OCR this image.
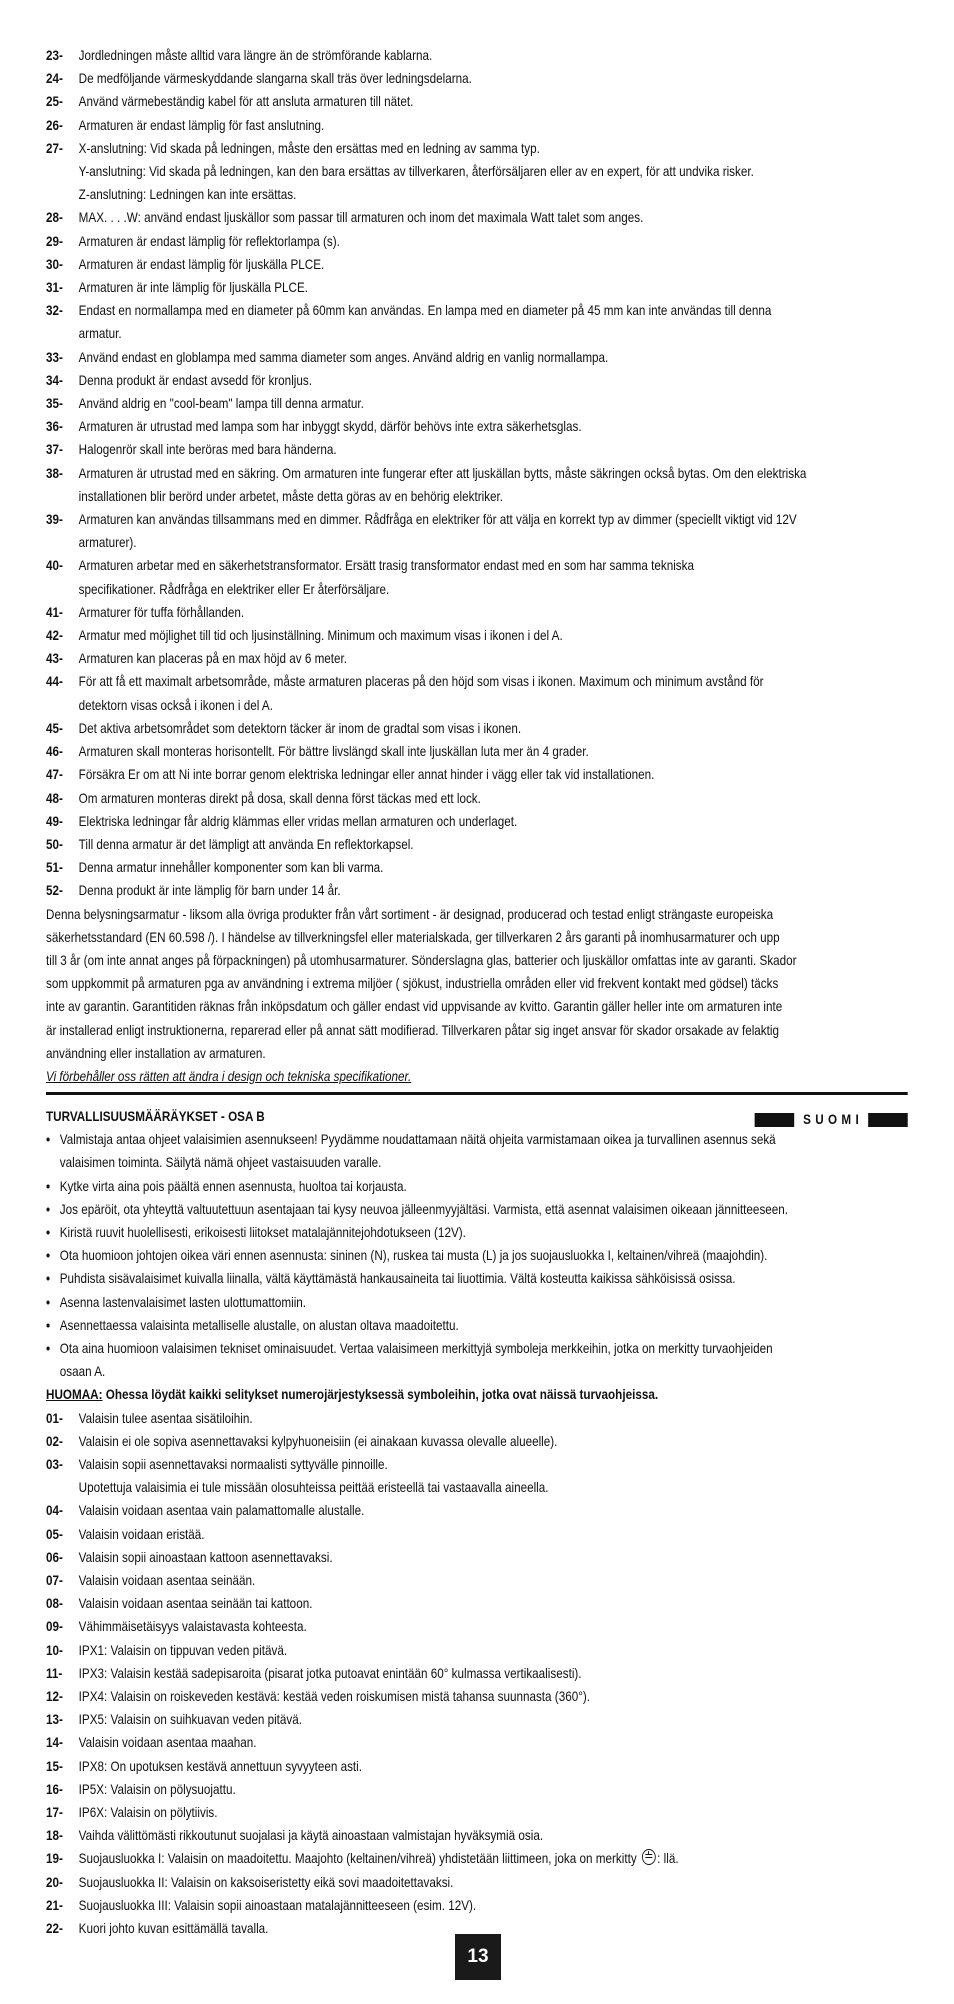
23- Jordledningen måste alltid vara längre än de strömförande kablarna.
24- De medföljande värmeskyddande slangarna skall träs över ledningsdelarna.
25- Använd värmebeständig kabel för att ansluta armaturen till nätet.
26- Armaturen är endast lämplig för fast anslutning.
27- X-anslutning: Vid skada på ledningen, måste den ersättas med en ledning av samma typ.
Y-anslutning: Vid skada på ledningen, kan den bara ersättas av tillverkaren, återförsäljaren eller av en expert, för att undvika risker.
Z-anslutning: Ledningen kan inte ersättas.
28- MAX. . . .W: använd endast ljuskällor som passar till armaturen och inom det maximala Watt talet som anges.
29- Armaturen är endast lämplig för reflektorlampa (s).
30- Armaturen är endast lämplig för ljuskälla PLCE.
31- Armaturen är inte lämplig för ljuskälla PLCE.
32- Endast en normallampa med en diameter på 60mm kan användas. En lampa med en diameter på 45 mm kan inte användas till denna
armatur.
33- Använd endast en globlampa med samma diameter som anges. Använd aldrig en vanlig normallampa.
34- Denna produkt är endast avsedd för kronljus.
35- Använd aldrig en "cool-beam" lampa till denna armatur.
36- Armaturen är utrustad med lampa som har inbyggt skydd, därför behövs inte extra säkerhetsglas.
37- Halogenrör skall inte beröras med bara händerna.
38- Armaturen är utrustad med en säkring. Om armaturen inte fungerar efter att ljuskällan bytts, måste säkringen också bytas. Om den elektriska
installationen blir berörd under arbetet, måste detta göras av en behörig elektriker.
39- Armaturen kan användas tillsammans med en dimmer. Rådfråga en elektriker för att välja en korrekt typ av dimmer (speciellt viktigt vid 12V
armaturer).
40- Armaturen arbetar med en säkerhetstransformator. Ersätt trasig transformator endast med en som har samma tekniska
specifikationer. Rådfråga en elektriker eller Er återförsäljare.
41- Armaturer för tuffa förhållanden.
42- Armatur med möjlighet till tid och ljusinställning. Minimum och maximum visas i ikonen i del A.
43- Armaturen kan placeras på en max höjd av 6 meter.
44- För att få ett maximalt arbetsområde, måste armaturen placeras på den höjd som visas i ikonen. Maximum och minimum avstånd för
detektorn visas också i ikonen i del A.
45- Det aktiva arbetsområdet som detektorn täcker är inom de gradtal som visas i ikonen.
46- Armaturen skall monteras horisontellt. För bättre livslängd skall inte ljuskällan luta mer än 4 grader.
47- Försäkra Er om att Ni inte borrar genom elektriska ledningar eller annat hinder i vägg eller tak vid installationen.
48- Om armaturen monteras direkt på dosa, skall denna först täckas med ett lock.
49- Elektriska ledningar får aldrig klämmas eller vridas mellan armaturen och underlaget.
50- Till denna armatur är det lämpligt att använda En reflektorkapsel.
51- Denna armatur innehåller komponenter som kan bli varma.
52- Denna produkt är inte lämplig för barn under 14 år.
Denna belysningsarmatur - liksom alla övriga produkter från vårt sortiment - är designad, producerad och testad enligt strängaste europeiska
säkerhetsstandard (EN 60.598 /). I händelse av tillverkningsfel eller materialskada, ger tillverkaren 2 års garanti på inomhusarmaturer och upp
till 3 år (om inte annat anges på förpackningen) på utomhusarmaturer. Sönderslagna glas, batterier och ljuskällor omfattas inte av garanti. Skador
som uppkommit på armaturen pga av användning i extrema miljöer ( sjökust, industriella områden eller vid frekvent kontakt med gödsel) täcks
inte av garantin. Garantitiden räknas från inköpsdatum och gäller endast vid uppvisande av kvitto. Garantin gäller heller inte om armaturen inte
är installerad enligt instruktionerna, reparerad eller på annat sätt modifierad. Tillverkaren påtar sig inget ansvar för skador orsakade av felaktig
användning eller installation av armaturen.
Vi förbehåller oss rätten att ändra i design och tekniska specifikationer.
TURVALLISUUSMÄÄRÄYKSET - OSA B	SUOMI
• Valmistaja antaa ohjeet valaisimien asennukseen! Pyydämme noudattamaan näitä ohjeita varmistamaan oikea ja turvallinen asennus sekä
valaisimen toiminta. Säilytä nämä ohjeet vastaisuuden varalle.
• Kytke virta aina pois päältä ennen asennusta, huoltoa tai korjausta.
• Jos epäröit, ota yhteyttä valtuutettuun asentajaan tai kysy neuvoa jälleenmyyjältäsi. Varmista, että asennat valaisimen oikeaan jännitteeseen.
• Kiristä ruuvit huolellisesti, erikoisesti liitokset matalajännitejohdotukseen (12V).
• Ota huomioon johtojen oikea väri ennen asennusta: sininen (N), ruskea tai musta (L) ja jos suojausluokka I, keltainen/vihreä (maajohdin).
• Puhdista sisävalaisimet kuivalla liinalla, vältä käyttämästä hankausaineita tai liuottimia. Vältä kosteutta kaikissa sähköisissä osissa.
• Asenna lastenvalaisimet lasten ulottumattomiin.
• Asennettaessa valaisinta metalliselle alustalle, on alustan oltava maadoitettu.
• Ota aina huomioon valaisimen tekniset ominaisuudet. Vertaa valaisimeen merkittyjä symboleja merkkeihin, jotka on merkitty turvaohjeiden
osaan A.
HUOMAA: Ohessa löydät kaikki selitykset numerojärjestyksessä symboleihin, jotka ovat näissä turvaohjeissa.
01- Valaisin tulee asentaa sisätiloihin.
02- Valaisin ei ole sopiva asennettavaksi kylpyhuoneisiin (ei ainakaan kuvassa olevalle alueelle).
03- Valaisin sopii asennettavaksi normaalisti syttyvälle pinnoille.
Upotettuja valaisimia ei tule missään olosuhteissa peittää eristeellä tai vastaavalla aineella.
04- Valaisin voidaan asentaa vain palamattomalle alustalle.
05- Valaisin voidaan eristää.
06- Valaisin sopii ainoastaan kattoon asennettavaksi.
07- Valaisin voidaan asentaa seinään.
08- Valaisin voidaan asentaa seinään tai kattoon.
09- Vähimmäisetäisyys valaistavasta kohteesta.
10- IPX1: Valaisin on tippuvan veden pitävä.
11- IPX3: Valaisin kestää sadepisaroita (pisarat jotka putoavat enintään 60° kulmassa vertikaalisesti).
12- IPX4: Valaisin on roiskeveden kestävä: kestää veden roiskumisen mistä tahansa suunnasta (360°).
13- IPX5: Valaisin on suihkuavan veden pitävä.
14- Valaisin voidaan asentaa maahan.
15- IPX8: On upotuksen kestävä annettuun syvyyteen asti.
16- IP5X: Valaisin on pölysuojattu.
17- IP6X: Valaisin on pölytiivis.
18- Vaihda välittömästi rikkoutunut suojalasi ja käytä ainoastaan valmistajan hyväksymiä osia.
19- Suojausluokka I: Valaisin on maadoitettu. Maajohto (keltainen/vihreä) yhdistetään liittimeen, joka on merkitty : llä.
20- Suojausluokka II: Valaisin on kaksoiseristetty eikä sovi maadoitettavaksi.
21- Suojausluokka III: Valaisin sopii ainoastaan matalajännitteeseen (esim. 12V).
22- Kuori johto kuvan esittämällä tavalla.
13
